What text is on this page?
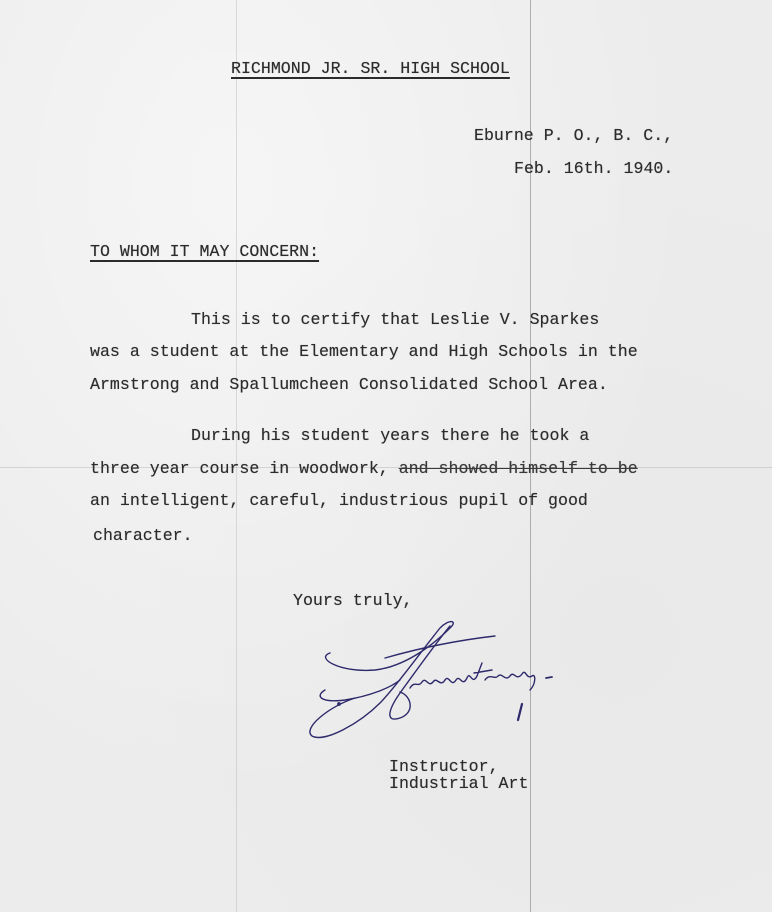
RICHMOND JR. SR. HIGH SCHOOL
Eburne P. O., B. C.,
Feb. 16th. 1940.
TO WHOM IT MAY CONCERN:
This is to certify that Leslie V. Sparkes
was a student at the Elementary and High Schools in the
Armstrong and Spallumcheen Consolidated School Area.
During his student years there he took a
three year course in woodwork, and showed himself to be
an intelligent, careful, industrious pupil of good
character.
Yours truly,
Instructor,
Industrial Art
